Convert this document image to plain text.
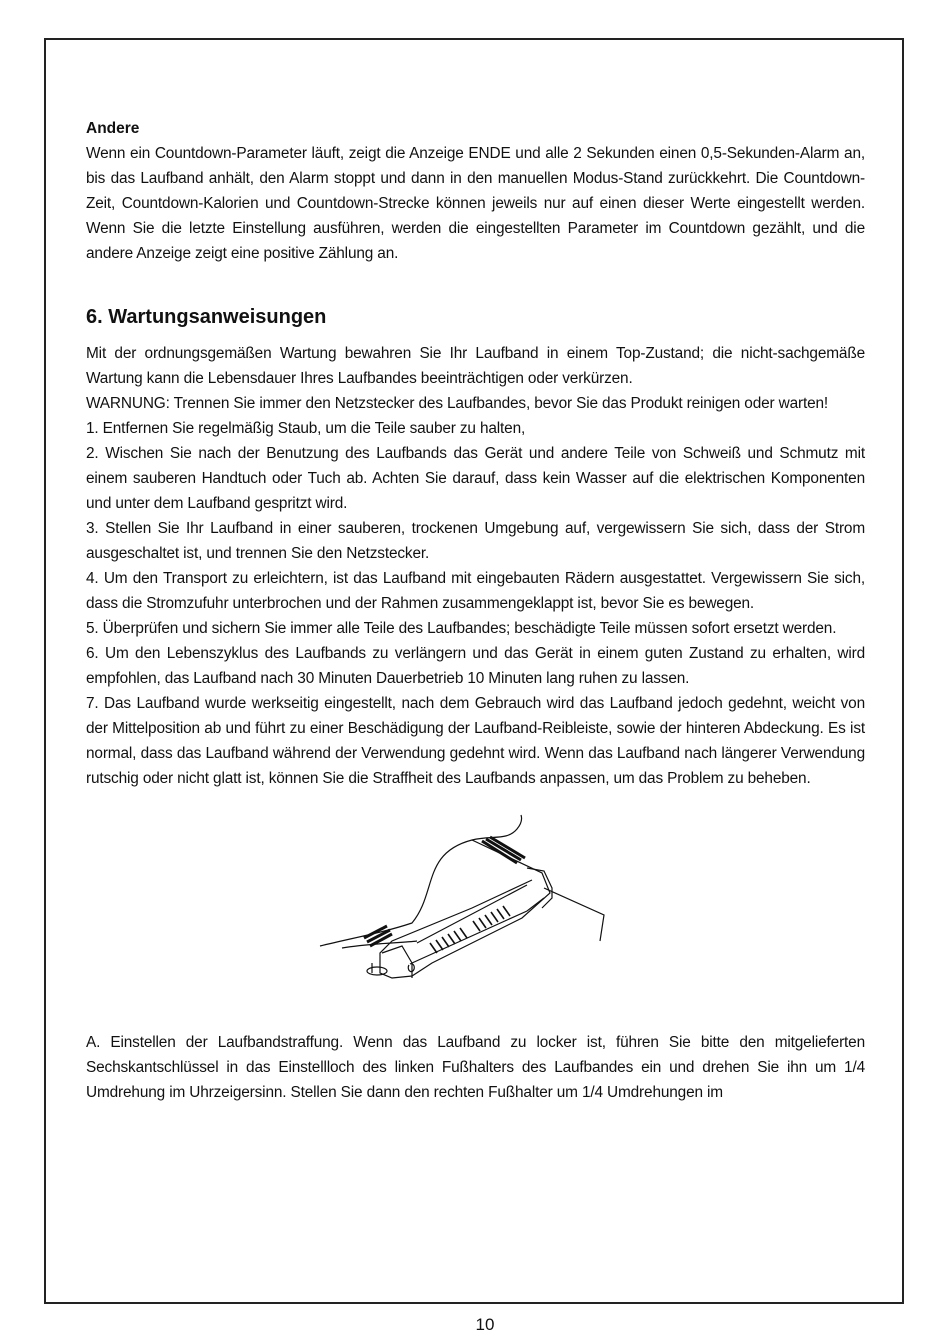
Andere

Wenn ein Countdown-Parameter läuft, zeigt die Anzeige ENDE und alle 2 Sekunden einen 0,5-Sekunden-Alarm an, bis das Laufband anhält, den Alarm stoppt und dann in den manuellen Modus-Stand zurückkehrt. Die Countdown-Zeit, Countdown-Kalorien und Countdown-Strecke können jeweils nur auf einen dieser Werte eingestellt werden. Wenn Sie die letzte Einstellung ausführen, werden die eingestellten Parameter im Countdown gezählt, und die andere Anzeige zeigt eine positive Zählung an.

6. Wartungsanweisungen

Mit der ordnungsgemäßen Wartung bewahren Sie Ihr Laufband in einem Top-Zustand; die nicht-sachgemäße Wartung kann die Lebensdauer Ihres Laufbandes beeinträchtigen oder verkürzen.

WARNUNG: Trennen Sie immer den Netzstecker des Laufbandes, bevor Sie das Produkt reinigen oder warten!

1. Entfernen Sie regelmäßig Staub, um die Teile sauber zu halten,

2. Wischen Sie nach der Benutzung des Laufbands das Gerät und andere Teile von Schweiß und Schmutz mit einem sauberen Handtuch oder Tuch ab. Achten Sie darauf, dass kein Wasser auf die elektrischen Komponenten und unter dem Laufband gespritzt wird.

3. Stellen Sie Ihr Laufband in einer sauberen, trockenen Umgebung auf, vergewissern Sie sich, dass der Strom ausgeschaltet ist, und trennen Sie den Netzstecker.

4. Um den Transport zu erleichtern, ist das Laufband mit eingebauten Rädern ausgestattet. Vergewissern Sie sich, dass die Stromzufuhr unterbrochen und der Rahmen zusammengeklappt ist, bevor Sie es bewegen.

5. Überprüfen und sichern Sie immer alle Teile des Laufbandes; beschädigte Teile müssen sofort ersetzt werden.

6. Um den Lebenszyklus des Laufbands zu verlängern und das Gerät in einem guten Zustand zu erhalten, wird empfohlen, das Laufband nach 30 Minuten Dauerbetrieb 10 Minuten lang ruhen zu lassen.

7. Das Laufband wurde werkseitig eingestellt, nach dem Gebrauch wird das Laufband jedoch gedehnt, weicht von der Mittelposition ab und führt zu einer Beschädigung der Laufband-Reibleiste, sowie der hinteren Abdeckung. Es ist normal, dass das Laufband während der Verwendung gedehnt wird. Wenn das Laufband nach längerer Verwendung rutschig oder nicht glatt ist, können Sie die Straffheit des Laufbands anpassen, um das Problem zu beheben.

A. Einstellen der Laufbandstraffung. Wenn das Laufband zu locker ist, führen Sie bitte den mitgelieferten Sechskantschlüssel in das Einstellloch des linken Fußhalters des Laufbandes ein und drehen Sie ihn um 1/4 Umdrehung im Uhrzeigersinn. Stellen Sie dann den rechten Fußhalter um 1/4 Umdrehungen im

10
